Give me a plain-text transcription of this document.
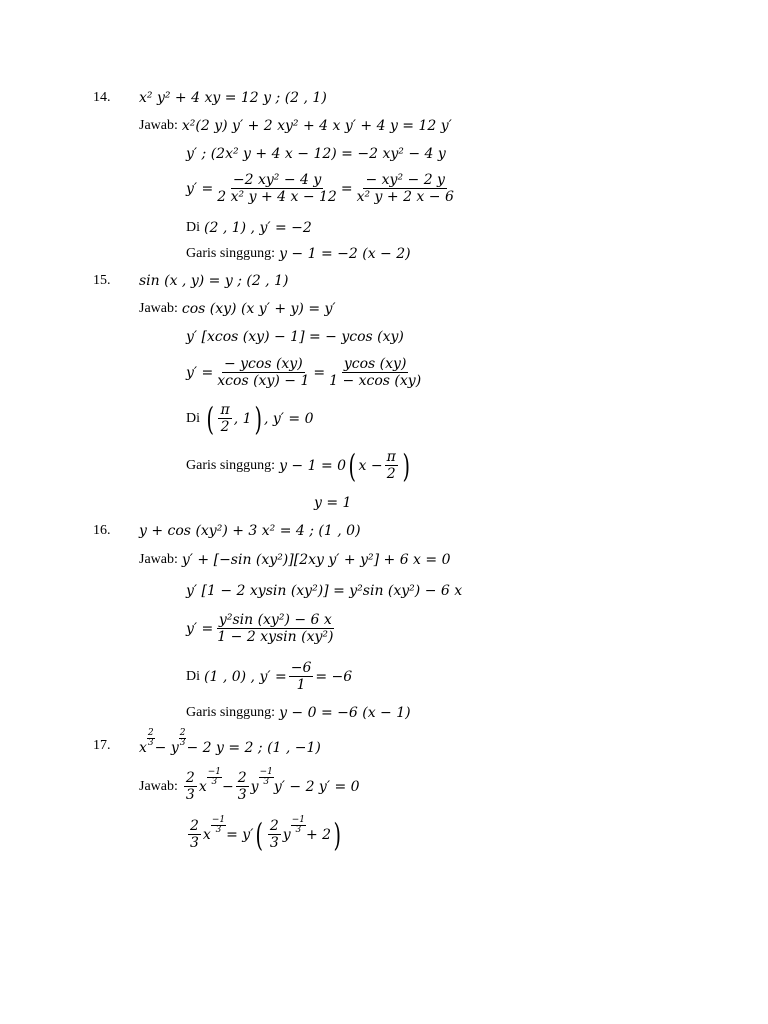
14. x² y² + 4 xy = 12 y ; (2 , 1)
Jawab: x²(2 y) y′ + 2 xy² + 4 x y′ + 4 y = 12 y′
y′ ; (2x² y + 4 x − 12) = −2 xy² − 4 y
$y' = \frac{\text{−2 xy² − 4 y}}{\text{2 x² y + 4 x − 12}} = \frac{\text{− xy² − 2 y}}{\text{x² y + 2 x − 6}}$
Di (2 , 1) , y′ = −2
Garis singgung: y − 1 = −2 (x − 2)
15. sin (x , y) = y ; (2 , 1)
Jawab: cos (xy) (x y′ + y) = y′
y′ [xcos (xy) − 1] = − ycos (xy)
$y' = \frac{- ycos (xy)}{xcos (xy) - 1} = \frac{ycos (xy)}{1 - xcos (xy)}$
Di ( $\frac{\pi}{2}$ , 1 ) , y′ = 0
Garis singgung: y − 1 = 0 ( $x - \frac{\pi}{2}$ )
y = 1
16. y + cos (xy²) + 3 x² = 4 ; (1 , 0)
Jawab: y′ + [−sin (xy²)][2xy y′ + y²] + 6 x = 0
y′ [1 − 2 xysin (xy²)] = y²sin (xy²) − 6 x
$y' = \frac{\text{y²sin (xy²) − 6 x}}{\text{1 − 2 xysin (xy²)}}$
Di (1 , 0) , $y' = \frac{-6}{1} = -6$
Garis singgung: y − 0 = −6 (x − 1)
17. x
2
3 − y
2
3 − 2 y = 2 ; (1 , −1)
Jawab: $\frac{2}{3}$ x
−1
$3 - \frac{2}{3}$ y
−1
3 y′ − 2 y′ = 0
$\frac{2}{3}$ x $\frac{-1}{3} = y'$ ( $\frac{2}{3}$ y
−1
3 + 2 )
